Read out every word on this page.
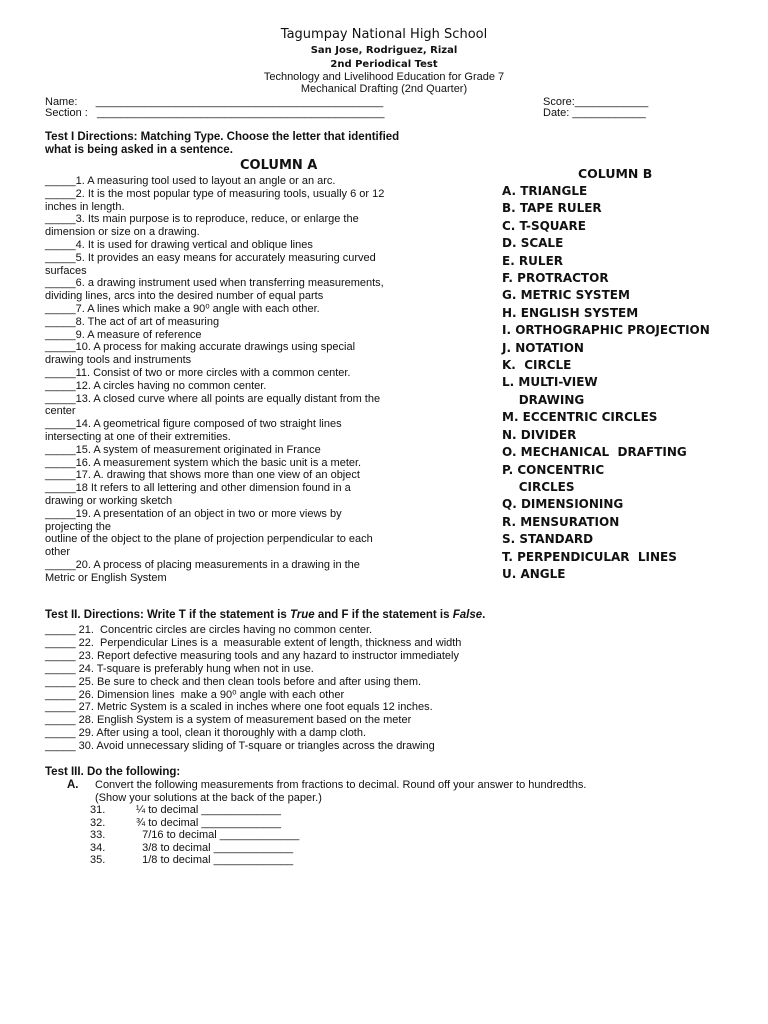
Tagumpay National High School
San Jose, Rodriguez, Rizal
2nd Periodical Test
Technology and Livelihood Education for Grade 7
Mechanical Drafting (2nd Quarter)
Name:      _______________________________________________
Section :   _______________________________________________
Score:____________
Date: ____________
Test I Directions: Matching Type. Choose the letter that identified
what is being asked in a sentence.
COLUMN A
COLUMN B
_____1. A measuring tool used to layout an angle or an arc.
_____2. It is the most popular type of measuring tools, usually 6 or 12
inches in length.
_____3. Its main purpose is to reproduce, reduce, or enlarge the
dimension or size on a drawing.
_____4. It is used for drawing vertical and oblique lines
_____5. It provides an easy means for accurately measuring curved
surfaces
_____6. a drawing instrument used when transferring measurements,
dividing lines, arcs into the desired number of equal parts
_____7. A lines which make a 90⁰ angle with each other.
_____8. The act of art of measuring
_____9. A measure of reference
_____10. A process for making accurate drawings using special
drawing tools and instruments
_____11. Consist of two or more circles with a common center.
_____12. A circles having no common center.
_____13. A closed curve where all points are equally distant from the
center
_____14. A geometrical figure composed of two straight lines
intersecting at one of their extremities.
_____15. A system of measurement originated in France
_____16. A measurement system which the basic unit is a meter.
_____17. A. drawing that shows more than one view of an object
_____18 It refers to all lettering and other dimension found in a
drawing or working sketch
_____19. A presentation of an object in two or more views by
projecting the
outline of the object to the plane of projection perpendicular to each
other
_____20. A process of placing measurements in a drawing in the
Metric or English System
A. TRIANGLE
B. TAPE RULER
C. T-SQUARE
D. SCALE
E. RULER
F. PROTRACTOR
G. METRIC SYSTEM
H. ENGLISH SYSTEM
I. ORTHOGRAPHIC PROJECTION
J. NOTATION
K.  CIRCLE
L. MULTI-VIEW
DRAWING
M. ECCENTRIC CIRCLES
N. DIVIDER
O. MECHANICAL  DRAFTING
P. CONCENTRIC
CIRCLES
Q. DIMENSIONING
R. MENSURATION
S. STANDARD
T. PERPENDICULAR  LINES
U. ANGLE
Test II. Directions: Write T if the statement is True and F if the statement is False.
_____ 21.  Concentric circles are circles having no common center.
_____ 22.  Perpendicular Lines is a  measurable extent of length, thickness and width
_____ 23. Report defective measuring tools and any hazard to instructor immediately
_____ 24. T-square is preferably hung when not in use.
_____ 25. Be sure to check and then clean tools before and after using them.
_____ 26. Dimension lines  make a 90⁰ angle with each other
_____ 27. Metric System is a scaled in inches where one foot equals 12 inches.
_____ 28. English System is a system of measurement based on the meter
_____ 29. After using a tool, clean it thoroughly with a damp cloth.
_____ 30. Avoid unnecessary sliding of T-square or triangles across the drawing
Test III. Do the following:
A. Convert the following measurements from fractions to decimal. Round off your answer to hundredths.
(Show your solutions at the back of the paper.)
31.	¼ to decimal _____________
32.	¾ to decimal _____________
33.	7/16 to decimal _____________
34.	3/8 to decimal _____________
35.	1/8 to decimal _____________
